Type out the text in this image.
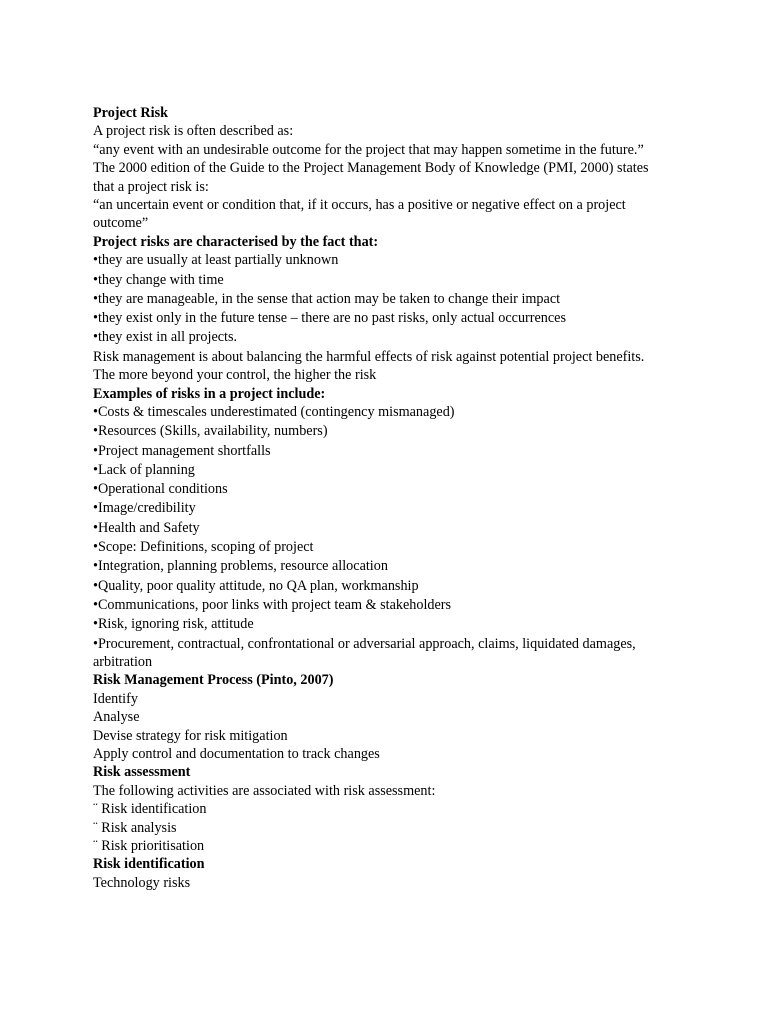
Project Risk
A project risk is often described as:
“any event with an undesirable outcome for the project that may happen sometime in the future.”
The 2000 edition of the Guide to the Project Management Body of Knowledge (PMI, 2000) states that a project risk is:
“an uncertain event or condition that, if it occurs, has a positive or negative effect on a project outcome”
Project risks are characterised by the fact that:
•they are usually at least partially unknown
•they change with time
•they are manageable, in the sense that action may be taken to change their impact
•they exist only in the future tense – there are no past risks, only actual occurrences
•they exist in all projects.
Risk management is about balancing the harmful effects of risk against potential project benefits.
The more beyond your control, the higher the risk
Examples of risks in a project include:
•Costs & timescales underestimated (contingency mismanaged)
•Resources (Skills, availability, numbers)
•Project management shortfalls
•Lack of planning
•Operational conditions
•Image/credibility
•Health and Safety
•Scope: Definitions, scoping of project
•Integration, planning problems, resource allocation
•Quality, poor quality attitude, no QA plan, workmanship
•Communications, poor links with project team & stakeholders
•Risk, ignoring risk, attitude
•Procurement, contractual, confrontational or adversarial approach, claims, liquidated damages, arbitration
Risk Management Process (Pinto, 2007)
Identify
Analyse
Devise strategy for risk mitigation
Apply control and documentation to track changes
Risk assessment
The following activities are associated with risk assessment:
¨ Risk identification
¨ Risk analysis
¨ Risk prioritisation
Risk identification
Technology risks
